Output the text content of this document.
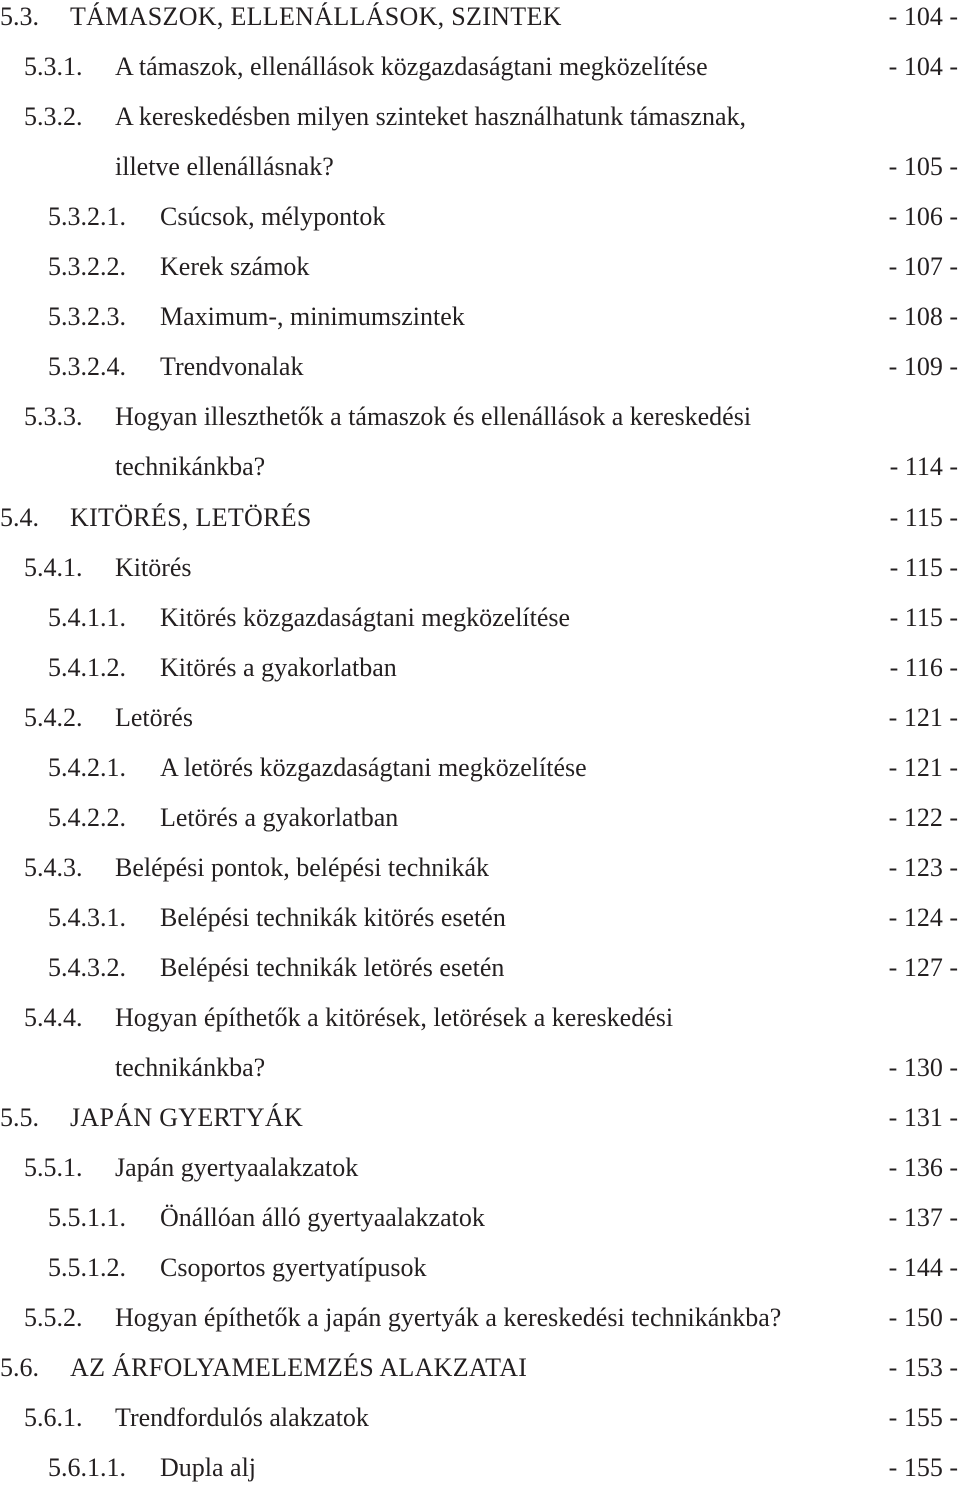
5.3. TÁMASZOK, ELLENÁLLÁSOK, SZINTEK	- 104 -
5.3.1. A támaszok, ellenállások közgazdaságtani megközelítése	- 104 -
5.3.2. A kereskedésben milyen szinteket használhatunk támasznak,
illetve ellenállásnak?	- 105 -
5.3.2.1. Csúcsok, mélypontok	- 106 -
5.3.2.2. Kerek számok	- 107 -
5.3.2.3. Maximum-, minimumszintek	- 108 -
5.3.2.4. Trendvonalak	- 109 -
5.3.3. Hogyan illeszthetők a támaszok és ellenállások a kereskedési
technikánkba?	- 114 -
5.4. KITÖRÉS, LETÖRÉS	- 115 -
5.4.1. Kitörés	- 115 -
5.4.1.1. Kitörés közgazdaságtani megközelítése	- 115 -
5.4.1.2. Kitörés a gyakorlatban	- 116 -
5.4.2. Letörés	- 121 -
5.4.2.1. A letörés közgazdaságtani megközelítése	- 121 -
5.4.2.2. Letörés a gyakorlatban	- 122 -
5.4.3. Belépési pontok, belépési technikák	- 123 -
5.4.3.1. Belépési technikák kitörés esetén	- 124 -
5.4.3.2. Belépési technikák letörés esetén	- 127 -
5.4.4. Hogyan építhetők a kitörések, letörések a kereskedési
technikánkba?	- 130 -
5.5. JAPÁN GYERTYÁK	- 131 -
5.5.1. Japán gyertyaalakzatok	- 136 -
5.5.1.1. Önállóan álló gyertyaalakzatok	- 137 -
5.5.1.2. Csoportos gyertyatípusok	- 144 -
5.5.2. Hogyan építhetők a japán gyertyák a kereskedési technikánkba?	- 150 -
5.6. AZ ÁRFOLYAMELEMZÉS ALAKZATAI	- 153 -
5.6.1. Trendfordulós alakzatok	- 155 -
5.6.1.1. Dupla alj	- 155 -
